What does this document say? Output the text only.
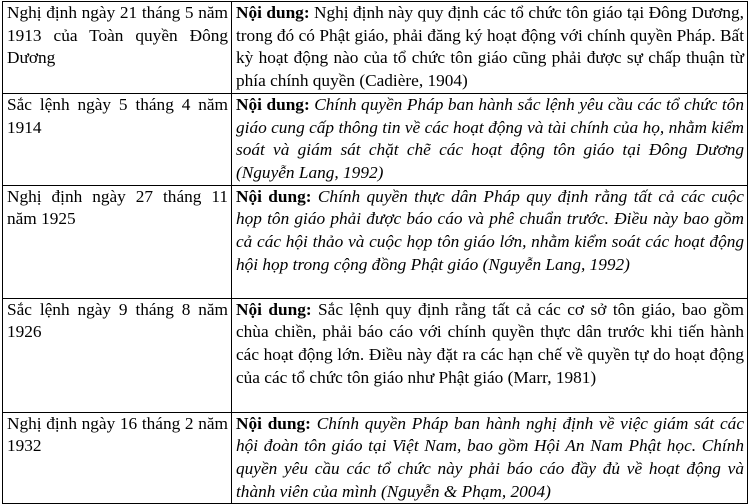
Nghị định ngày 21 tháng 5 năm 1913 của Toàn quyền Đông Dương	Nội dung: Nghị định này quy định các tổ chức tôn giáo tại Đông Dương, trong đó có Phật giáo, phải đăng ký hoạt động với chính quyền Pháp. Bất kỳ hoạt động nào của tổ chức tôn giáo cũng phải được sự chấp thuận từ phía chính quyền (Cadière, 1904)
Sắc lệnh ngày 5 tháng 4 năm 1914	Nội dung: Chính quyền Pháp ban hành sắc lệnh yêu cầu các tổ chức tôn giáo cung cấp thông tin về các hoạt động và tài chính của họ, nhằm kiểm soát và giám sát chặt chẽ các hoạt động tôn giáo tại Đông Dương (Nguyễn Lang, 1992)
Nghị định ngày 27 tháng 11 năm 1925	Nội dung: Chính quyền thực dân Pháp quy định rằng tất cả các cuộc họp tôn giáo phải được báo cáo và phê chuẩn trước. Điều này bao gồm cả các hội thảo và cuộc họp tôn giáo lớn, nhằm kiểm soát các hoạt động hội họp trong cộng đồng Phật giáo (Nguyễn Lang, 1992)
Sắc lệnh ngày 9 tháng 8 năm 1926	Nội dung: Sắc lệnh quy định rằng tất cả các cơ sở tôn giáo, bao gồm chùa chiền, phải báo cáo với chính quyền thực dân trước khi tiến hành các hoạt động lớn. Điều này đặt ra các hạn chế về quyền tự do hoạt động của các tổ chức tôn giáo như Phật giáo (Marr, 1981)
Nghị định ngày 16 tháng 2 năm 1932	Nội dung: Chính quyền Pháp ban hành nghị định về việc giám sát các hội đoàn tôn giáo tại Việt Nam, bao gồm Hội An Nam Phật học. Chính quyền yêu cầu các tổ chức này phải báo cáo đầy đủ về hoạt động và thành viên của mình (Nguyễn & Phạm, 2004)
